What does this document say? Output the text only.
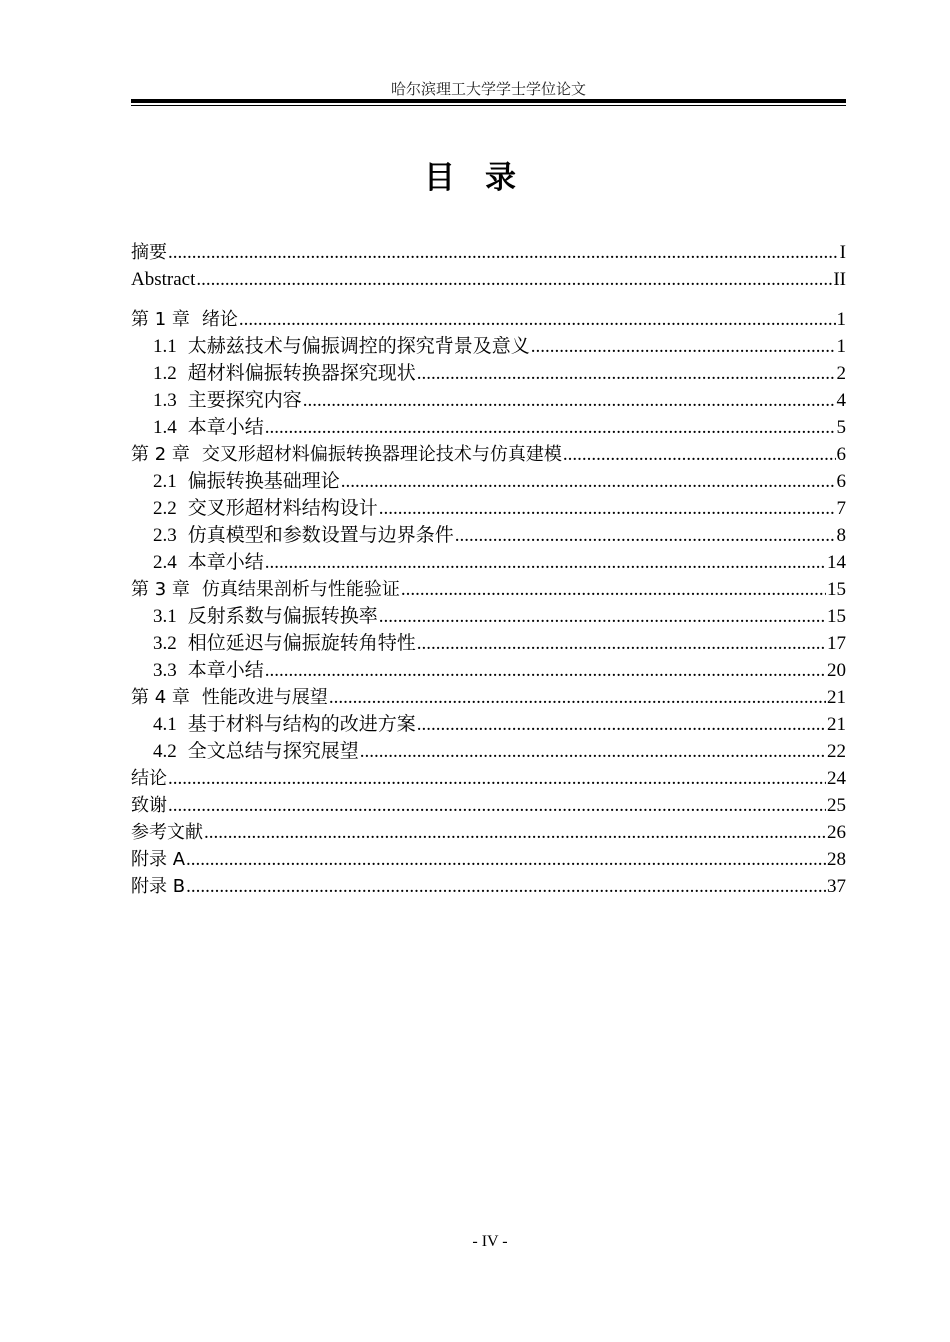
哈尔滨理工大学学士学位论文
目录
摘要 .....	I
Abstract .....	II
第 1 章 绪论 .....	1
1.1 太赫兹技术与偏振调控的探究背景及意义 .....	1
1.2 超材料偏振转换器探究现状 .....	2
1.3 主要探究内容 .....	4
1.4 本章小结 .....	5
第 2 章 交叉形超材料偏振转换器理论技术与仿真建模 .....	6
2.1 偏振转换基础理论 .....	6
2.2 交叉形超材料结构设计 .....	7
2.3 仿真模型和参数设置与边界条件 .....	8
2.4 本章小结 .....	14
第 3 章 仿真结果剖析与性能验证 .....	15
3.1 反射系数与偏振转换率 .....	15
3.2 相位延迟与偏振旋转角特性 .....	17
3.3 本章小结 .....	20
第 4 章 性能改进与展望 .....	21
4.1 基于材料与结构的改进方案 .....	21
4.2 全文总结与探究展望 .....	22
结论 .....	24
致谢 .....	25
参考文献 .....	26
附录 A .....	28
附录 B .....	37
- IV -
